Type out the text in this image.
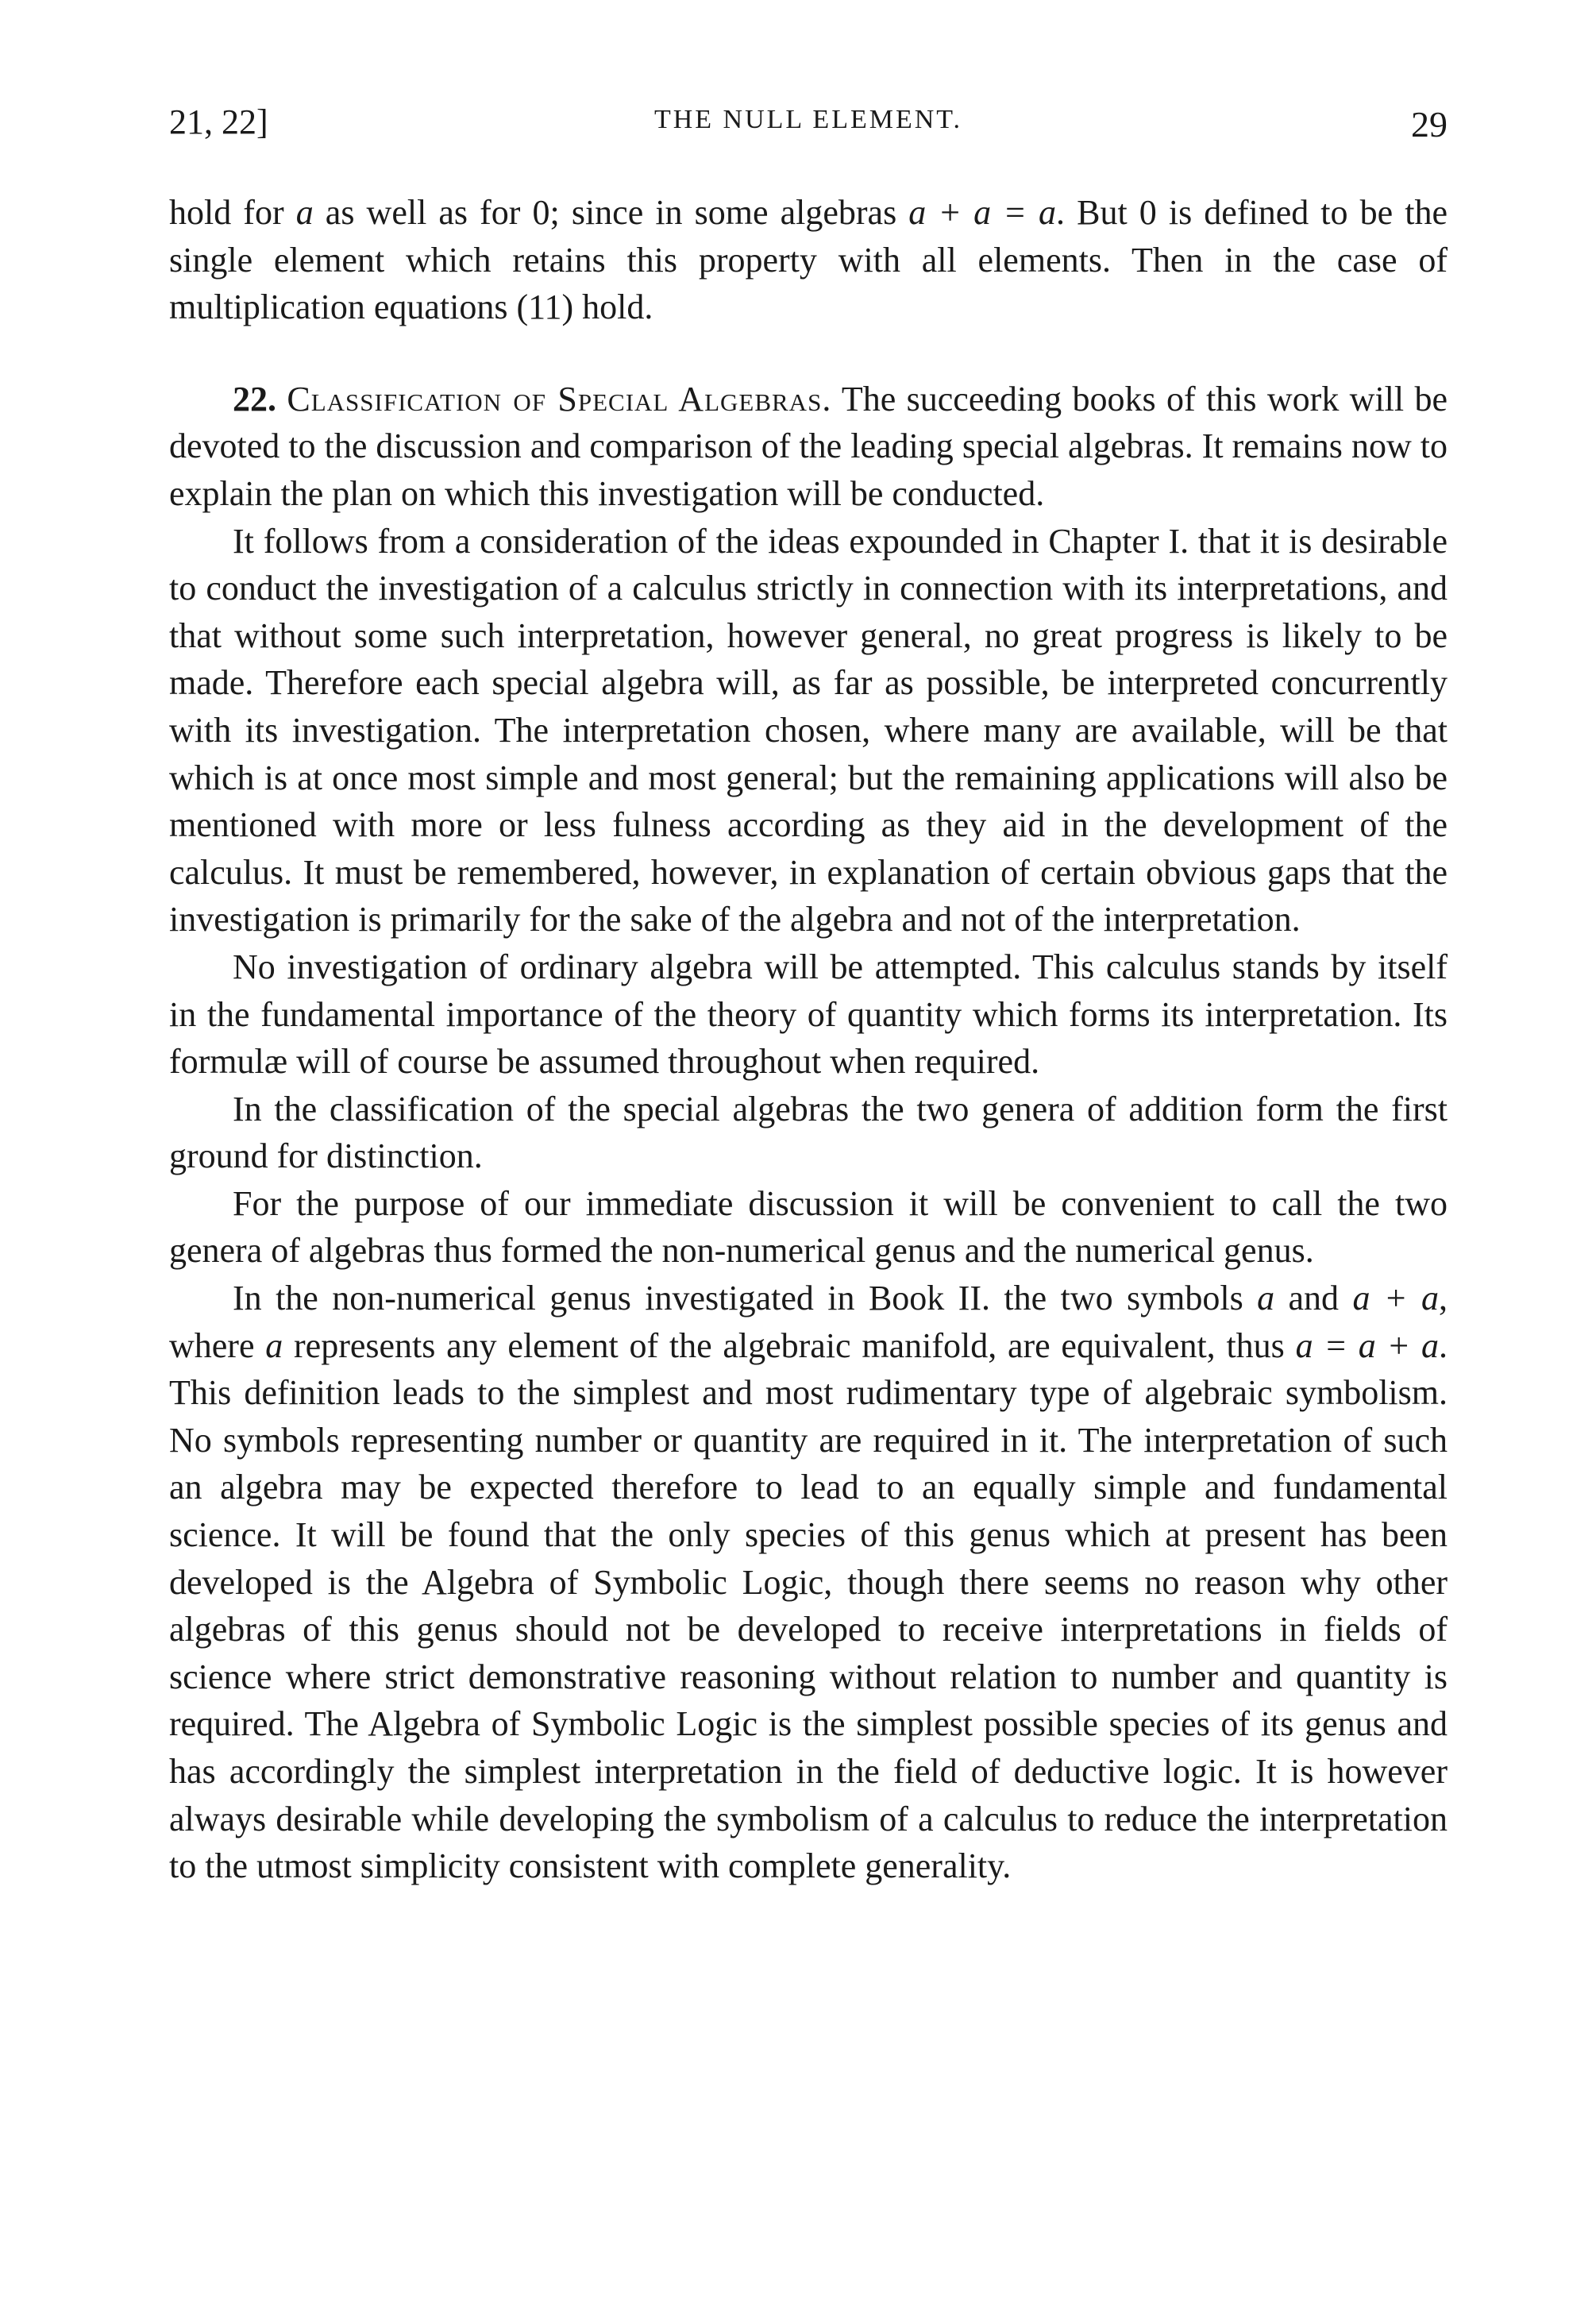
21, 22]	THE NULL ELEMENT.	29

hold for a as well as for 0; since in some algebras a + a = a. But 0 is defined to be the single element which retains this property with all elements. Then in the case of multiplication equations (11) hold.

22. Classification of Special Algebras. The succeeding books of this work will be devoted to the discussion and comparison of the leading special algebras. It remains now to explain the plan on which this investigation will be conducted.

It follows from a consideration of the ideas expounded in Chapter I. that it is desirable to conduct the investigation of a calculus strictly in connection with its interpretations, and that without some such interpretation, however general, no great progress is likely to be made. Therefore each special algebra will, as far as possible, be interpreted concurrently with its investigation. The interpretation chosen, where many are available, will be that which is at once most simple and most general; but the remaining applications will also be mentioned with more or less fulness according as they aid in the development of the calculus. It must be remembered, however, in explanation of certain obvious gaps that the investigation is primarily for the sake of the algebra and not of the interpretation.

No investigation of ordinary algebra will be attempted. This calculus stands by itself in the fundamental importance of the theory of quantity which forms its interpretation. Its formulæ will of course be assumed throughout when required.

In the classification of the special algebras the two genera of addition form the first ground for distinction.

For the purpose of our immediate discussion it will be convenient to call the two genera of algebras thus formed the non-numerical genus and the numerical genus.

In the non-numerical genus investigated in Book II. the two symbols a and a + a, where a represents any element of the algebraic manifold, are equivalent, thus a = a + a. This definition leads to the simplest and most rudimentary type of algebraic symbolism. No symbols representing number or quantity are required in it. The interpretation of such an algebra may be expected therefore to lead to an equally simple and fundamental science. It will be found that the only species of this genus which at present has been developed is the Algebra of Symbolic Logic, though there seems no reason why other algebras of this genus should not be developed to receive interpretations in fields of science where strict demonstrative reasoning without relation to number and quantity is required. The Algebra of Symbolic Logic is the simplest possible species of its genus and has accordingly the simplest interpretation in the field of deductive logic. It is however always desirable while developing the symbolism of a calculus to reduce the interpretation to the utmost simplicity consistent with complete generality.
